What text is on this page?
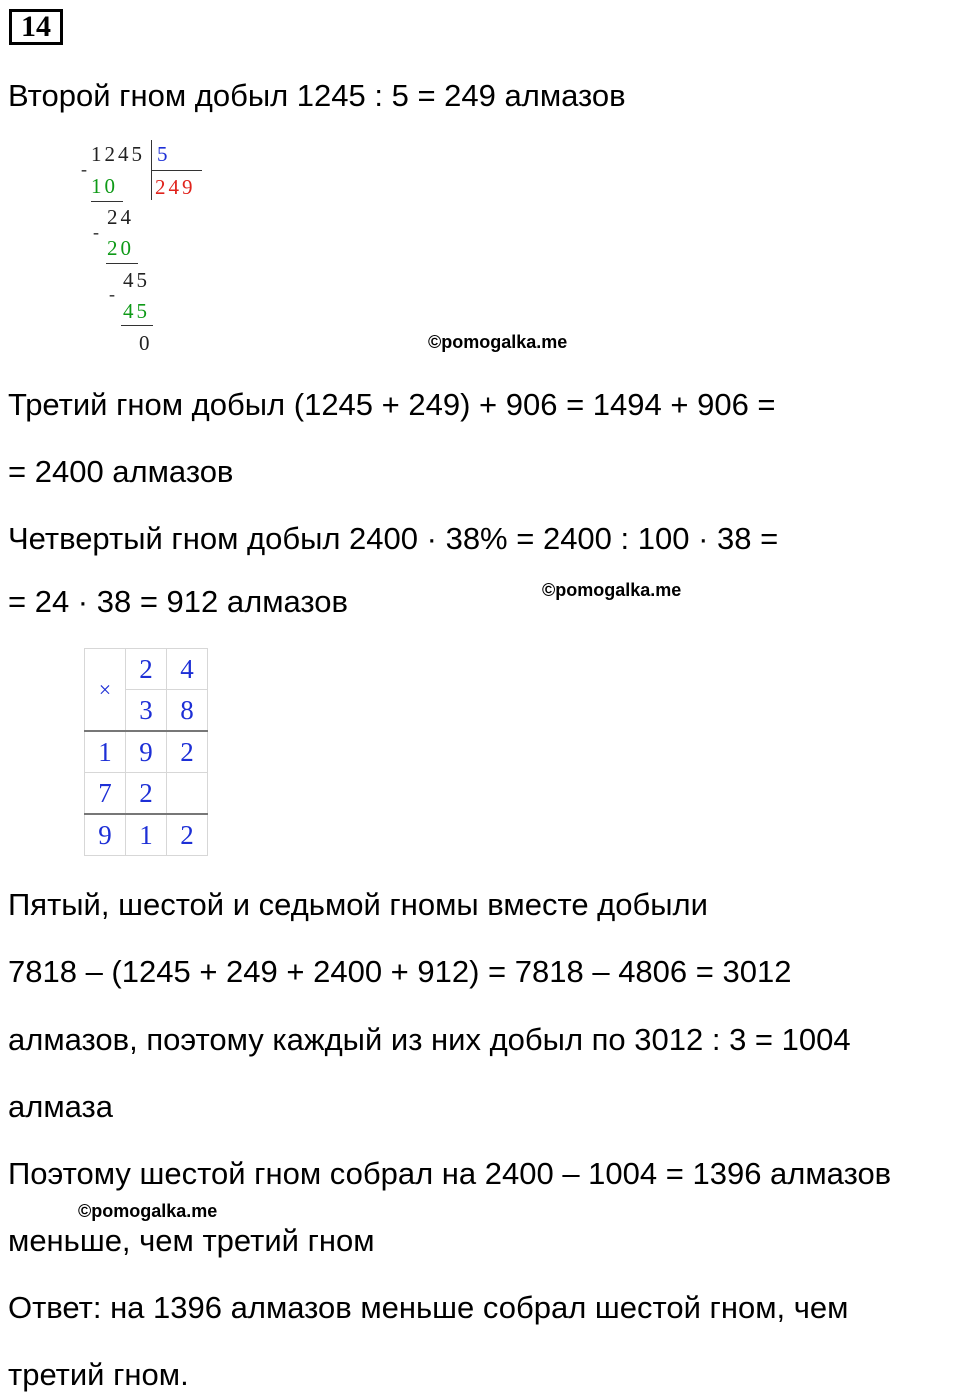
14
Второй гном добыл 1245 : 5 = 249 алмазов
1245 5
249
-
10
24
-
20
45
-
45
0	©pomogalka.me
Третий гном добыл (1245 + 249) + 906 = 1494 + 906 =
= 2400 алмазов
Четвертый гном добыл 2400 · 38% = 2400 : 100 · 38 =
= 24 · 38 = 912 алмазов	©pomogalka.me
×	2	4
	3	8
1	9	2
7	2	
9	1	2
Пятый, шестой и седьмой гномы вместе добыли
7818 – (1245 + 249 + 2400 + 912) = 7818 – 4806 = 3012
алмазов, поэтому каждый из них добыл по 3012 : 3 = 1004
алмаза
Поэтому шестой гном собрал на 2400 – 1004 = 1396 алмазов
©pomogalka.me
меньше, чем третий гном
Ответ: на 1396 алмазов меньше собрал шестой гном, чем
третий гном.
